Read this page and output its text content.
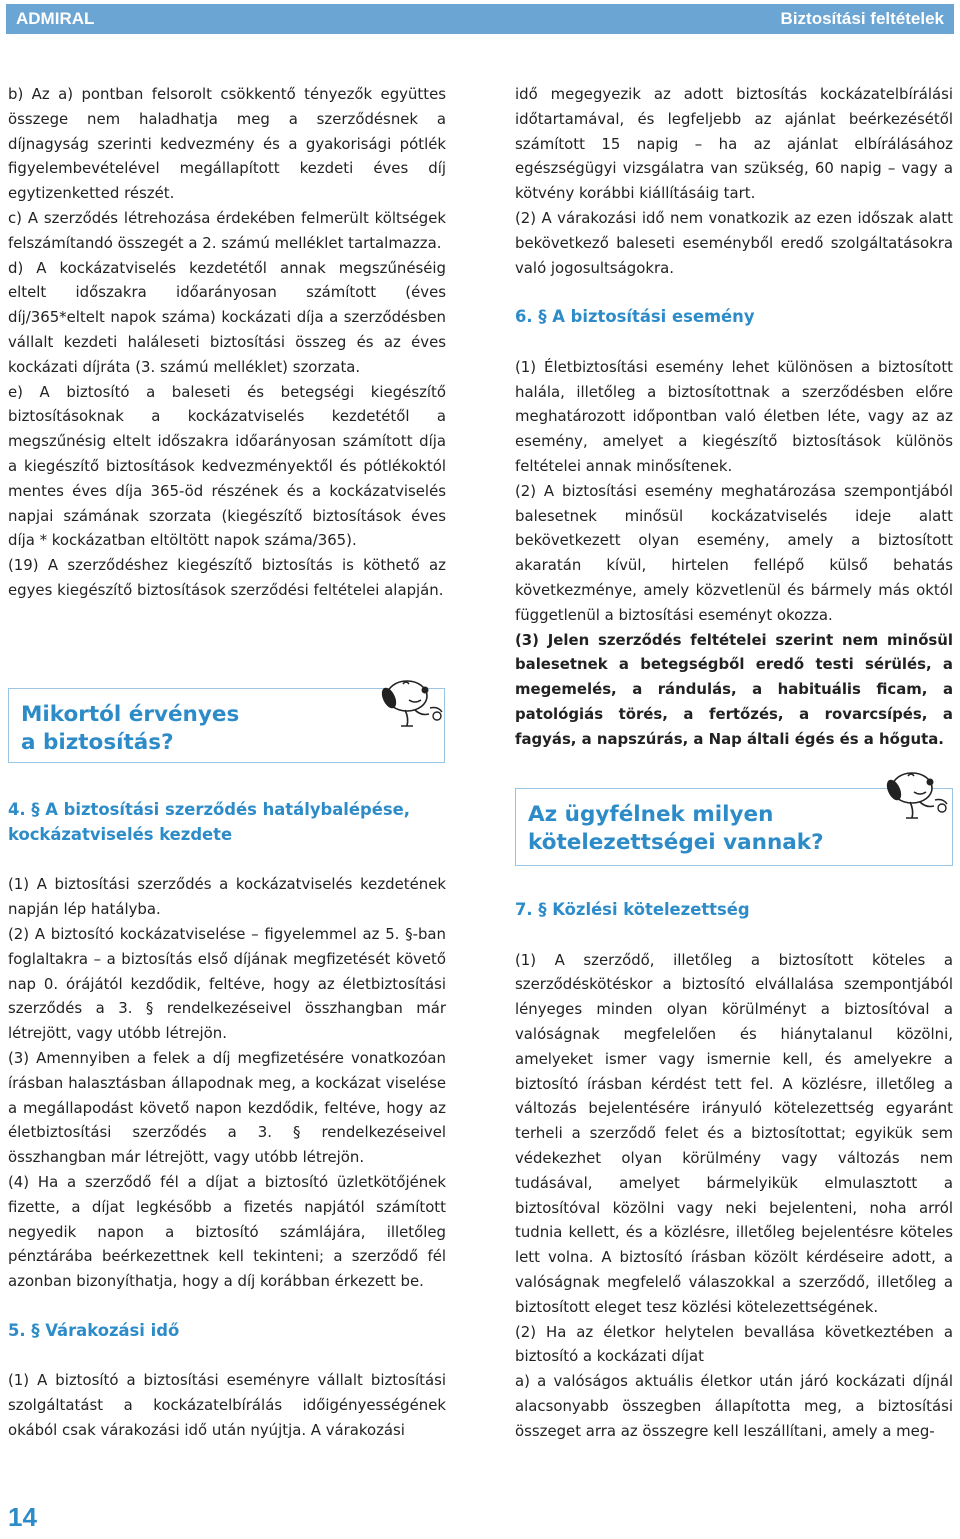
ADMIRAL	Biztosítási feltételek

b) Az a) pontban felsorolt csökkentő tényezők együttes összege nem haladhatja meg a szerződésnek a díjnagyság szerinti kedvezmény és a gyakorisági pótlék figyelembevételével megállapított kezdeti éves díj egytizenketted részét.

c) A szerződés létrehozása érdekében felmerült költségek felszámítandó összegét a 2. számú melléklet tartalmazza.

d) A kockázatviselés kezdetétől annak megszűnéséig eltelt időszakra időarányosan számított (éves díj/365*eltelt napok száma) kockázati díja a szerződésben vállalt kezdeti haláleseti biztosítási összeg és az éves kockázati díjráta (3. számú melléklet) szorzata.

e) A biztosító a baleseti és betegségi kiegészítő biztosításoknak a kockázatviselés kezdetétől a megszűnésig eltelt időszakra időarányosan számított díja a kiegészítő biztosítások kedvezményektől és pótlékoktól mentes éves díja 365-öd részének és a kockázatviselés napjai számának szorzata (kiegészítő biztosítások éves díja * kockázatban eltöltött napok száma/365).

(19) A szerződéshez kiegészítő biztosítás is köthető az egyes kiegészítő biztosítások szerződési feltételei alapján.

Mikortól érvényes
a biztosítás?
4. § A biztosítási szerződés hatálybalépése,
kockázatviselés kezdete

(1) A biztosítási szerződés a kockázatviselés kezdetének napján lép hatályba.

(2) A biztosító kockázatviselése – figyelemmel az 5. §-ban foglaltakra – a biztosítás első díjának megfizetését követő nap 0. órájától kezdődik, feltéve, hogy az életbiztosítási szerződés a 3. § rendelkezéseivel összhangban már létrejött, vagy utóbb létrejön.

(3) Amennyiben a felek a díj megfizetésére vonatkozóan írásban halasztásban állapodnak meg, a kockázat viselése a megállapodást követő napon kezdődik, feltéve, hogy az életbiztosítási szerződés a 3. § rendelkezéseivel összhangban már létrejött, vagy utóbb létrejön.

(4) Ha a szerződő fél a díjat a biztosító üzletkötőjének fizette, a díjat legkésőbb a fizetés napjától számított negyedik napon a biztosító számlájára, illetőleg pénztárába beérkezettnek kell tekinteni; a szerződő fél azonban bizonyíthatja, hogy a díj korábban érkezett be.

5. § Várakozási idő

(1) A biztosító a biztosítási eseményre vállalt biztosítási szolgáltatást a kockázatelbírálás időigényességének okából csak várakozási idő után nyújtja. A várakozási

idő megegyezik az adott biztosítás kockázatelbírálási időtartamával, és legfeljebb az ajánlat beérkezésétől számított 15 napig – ha az ajánlat elbírálásához egészségügyi vizsgálatra van szükség, 60 napig – vagy a kötvény korábbi kiállításáig tart.

(2) A várakozási idő nem vonatkozik az ezen időszak alatt bekövetkező baleseti eseményből eredő szolgáltatásokra való jogosultságokra.

6. § A biztosítási esemény

(1) Életbiztosítási esemény lehet különösen a biztosított halála, illetőleg a biztosítottnak a szerződésben előre meghatározott időpontban való életben léte, vagy az az esemény, amelyet a kiegészítő biztosítások különös feltételei annak minősítenek.

(2) A biztosítási esemény meghatározása szempontjából balesetnek minősül kockázatviselés ideje alatt bekövetkezett olyan esemény, amely a biztosított akaratán kívül, hirtelen fellépő külső behatás következménye, amely közvetlenül és bármely más októl függetlenül a biztosítási eseményt okozza.

(3) Jelen szerződés feltételei szerint nem minősül balesetnek a betegségből eredő testi sérülés, a megemelés, a rándulás, a habituális ficam, a patológiás törés, a fertőzés, a rovarcsípés, a fagyás, a napszúrás, a Nap általi égés és a hőguta.

Az ügyfélnek milyen
kötelezettségei vannak?
7. § Közlési kötelezettség

(1) A szerződő, illetőleg a biztosított köteles a szerződéskötéskor a biztosító elvállalása szempontjából lényeges minden olyan körülményt a biztosítóval a valóságnak megfelelően és hiánytalanul közölni, amelyeket ismer vagy ismernie kell, és amelyekre a biztosító írásban kérdést tett fel. A közlésre, illetőleg a változás bejelentésére irányuló kötelezettség egyaránt terheli a szerződő felet és a biztosítottat; egyikük sem védekezhet olyan körülmény vagy változás nem tudásával, amelyet bármelyikük elmulasztott a biztosítóval közölni vagy neki bejelenteni, noha arról tudnia kellett, és a közlésre, illetőleg bejelentésre köteles lett volna. A biztosító írásban közölt kérdéseire adott, a valóságnak megfelelő válaszokkal a szerződő, illetőleg a biztosított eleget tesz közlési kötelezettségének.

(2) Ha az életkor helytelen bevallása következtében a biztosító a kockázati díjat

a) a valóságos aktuális életkor után járó kockázati díjnál alacsonyabb összegben állapította meg, a biztosítási összeget arra az összegre kell leszállítani, amely a meg-

14
